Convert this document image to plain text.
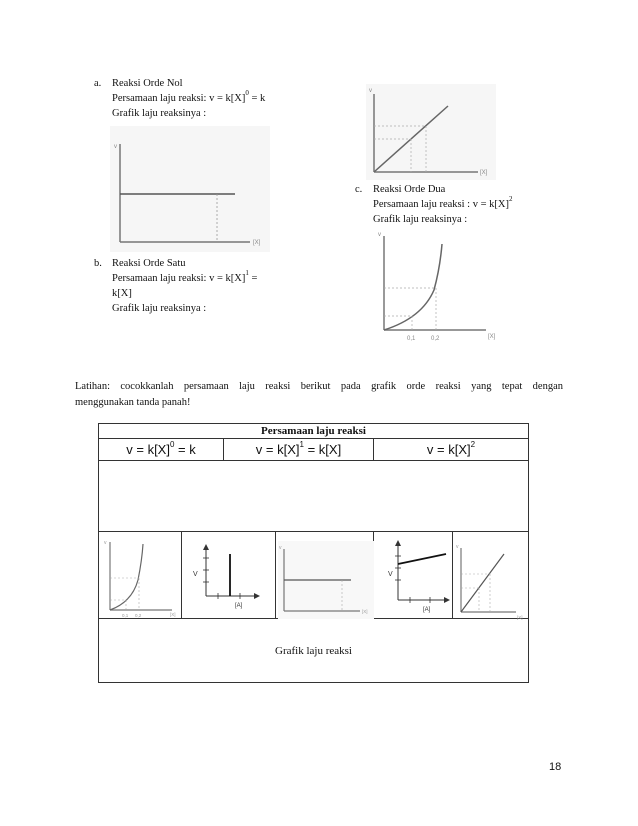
a. Reaksi Orde Nol
Persamaan laju reaksi: $v = k[X]^0 = k$
Grafik laju reaksinya :
v
[X]
b. Reaksi Orde Satu
Persamaan laju reaksi: $v = k[X]^1$ =
k[X]
Grafik laju reaksinya :
v
[X]
c. Reaksi Orde Dua
Persamaan laju reaksi : $v = k[X]^2$
Grafik laju reaksinya :
v
0,1	0,2	[X]
Latihan: cocokkanlah persamaan laju reaksi berikut pada grafik orde reaksi yang tepat dengan
menggunakan tanda panah!
Persamaan laju reaksi
$v = k[X]^0 = k$	$v = k[X]^1 = k[X]$	$v = k[X]^2$

Grafik laju reaksi
v
0,1 0,2	[X]
V
[A]
v
[X]
V
[A]
v
[X]
18
